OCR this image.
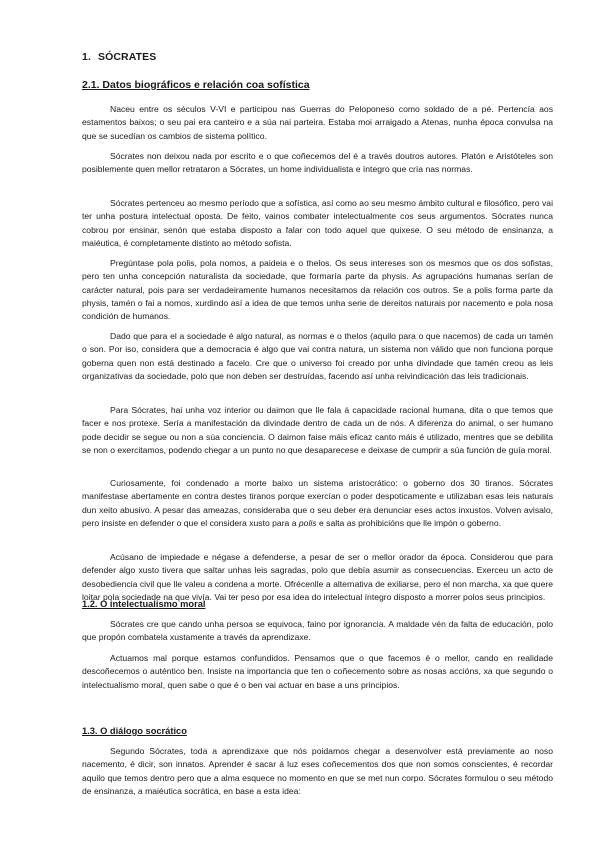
1. SÓCRATES
2.1. Datos biográficos e relación coa sofística

Naceu entre os séculos V-VI e participou nas Guerras do Peloponeso como soldado de a pé. Pertencía aos estamentos baixos; o seu pai era canteiro e a súa nai parteira. Estaba moi arraigado a Atenas, nunha época convulsa na que se sucedían os cambios de sistema político.

Sócrates non deixou nada por escrito e o que coñecemos del é a través doutros autores. Platón e Aristóteles son posiblemente quen mellor retrataron a Sócrates, un home individualista e íntegro que cría nas normas.

Sócrates pertenceu ao mesmo período que a sofística, así como ao seu mesmo ámbito cultural e filosófico, pero vai ter unha postura intelectual oposta. De feito, vainos combater intelectualmente cos seus argumentos. Sócrates nunca cobrou por ensinar, senón que estaba disposto a falar con todo aquel que quixese. O seu método de ensinanza, a maiéutica, é completamente distinto ao método sofista.

Pregúntase pola polis, pola nomos, a paideia e o thelos. Os seus intereses son os mesmos que os dos sofistas, pero ten unha concepción naturalista da sociedade, que formaría parte da physis. As agrupacións humanas serían de carácter natural, pois para ser verdadeiramente humanos necesitamos da relación cos outros. Se a polis forma parte da physis, tamén o fai a nomos, xurdindo así a idea de que temos unha serie de dereitos naturais por nacemento e pola nosa condición de humanos.

Dado que para el a sociedade é algo natural, as normas e o thelos (aquilo para o que nacemos) de cada un tamén o son. Por iso, considera que a democracia é algo que vai contra natura, un sistema non válido que non funciona porque goberna quen non está destinado a facelo. Cre que o universo foi creado por unha divindade que tamén creou as leis organizativas da sociedade, polo que non deben ser destruídas, facendo así unha reivindicación das leis tradicionais.

Para Sócrates, hai unha voz interior ou daimon que lle fala á capacidade racional humana, dita o que temos que facer e nos protexe. Sería a manifestación da divindade dentro de cada un de nós. A diferenza do animal, o ser humano pode decidir se segue ou non a súa conciencia. O daimon faise máis eficaz canto máis é utilizado, mentres que se debilita se non o exercitamos, podendo chegar a un punto no que desaparecese e deixase de cumprir a súa función de guía moral.

Curiosamente, foi condenado a morte baixo un sistema aristocrático: o goberno dos 30 tiranos. Sócrates manifestase abertamente en contra destes tiranos porque exercían o poder despoticamente e utilizaban esas leis naturais dun xeito abusivo. A pesar das ameazas, consideraba que o seu deber era denunciar eses actos inxustos. Volven avisalo, pero insiste en defender o que el considera xusto para a polis e salta as prohibicións que lle impón o goberno.

Acúsano de impiedade e négase a defenderse, a pesar de ser o mellor orador da época. Considerou que para defender algo xusto tivera que saltar unhas leis sagradas, polo que debía asumir as consecuencias. Exerceu un acto de desobediencia civil que lle valeu a condena a morte. Ofrécenlle a alternativa de exiliarse, pero el non marcha, xa que quere loitar pola sociedade na que vivía. Vai ter peso por esa idea do intelectual íntegro disposto a morrer polos seus principios.

1.2. O intelectualismo moral

Sócrates cre que cando unha persoa se equivoca, faino por ignorancia. A maldade vén da falta de educación, polo que propón combatela xustamente a través da aprendizaxe.

Actuamos mal porque estamos confundidos. Pensamos que o que facemos é o mellor, cando en realidade descoñecemos o auténtico ben. Insiste na importancia que ten o coñecemento sobre as nosas accións, xa que segundo o intelectualismo moral, quen sabe o que é o ben vai actuar en base a uns principios.

1.3. O diálogo socrático

Segundo Sócrates, toda a aprendizaxe que nós poidamos chegar a desenvolver está previamente ao noso nacemento, é dicir, son innatos. Aprender é sacar á luz eses coñecementos dos que non somos conscientes, é recordar aquilo que temos dentro pero que a alma esquece no momento en que se met nun corpo. Sócrates formulou o seu método de ensinanza, a maiéutica socrática, en base a esta idea:
